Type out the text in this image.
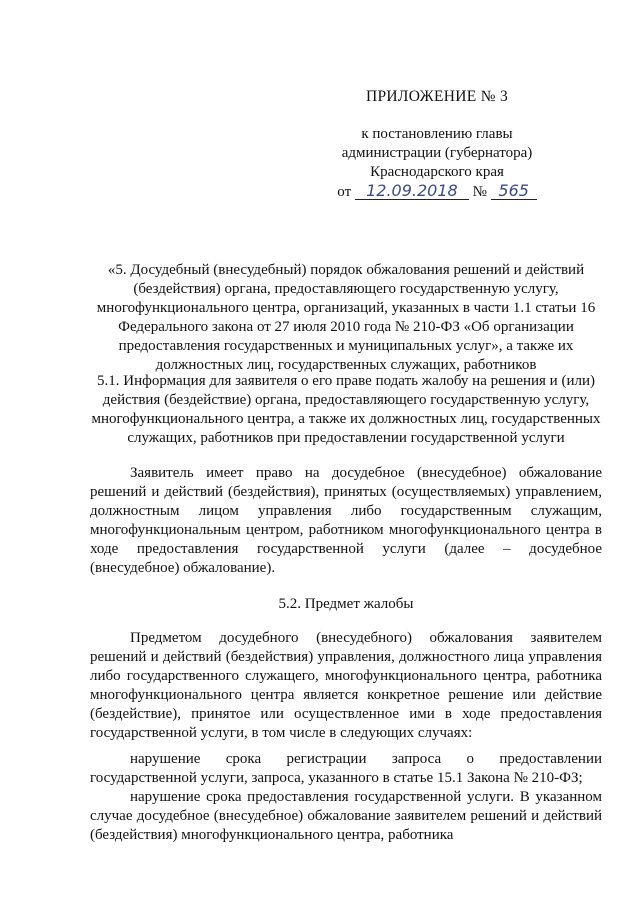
ПРИЛОЖЕНИЕ № 3
к постановлению главы
администрации (губернатора)
Краснодарского края
от 12.09.2018 № 565
«5. Досудебный (внесудебный) порядок обжалования решений и действий (бездействия) органа, предоставляющего государственную услугу, многофункционального центра, организаций, указанных в части 1.1 статьи 16 Федерального закона от 27 июля 2010 года № 210-ФЗ «Об организации предоставления государственных и муниципальных услуг», а также их должностных лиц, государственных служащих, работников
5.1. Информация для заявителя о его праве подать жалобу на решения и (или) действия (бездействие) органа, предоставляющего государственную услугу, многофункционального центра, а также их должностных лиц, государственных служащих, работников при предоставлении государственной услуги
Заявитель имеет право на досудебное (внесудебное) обжалование решений и действий (бездействия), принятых (осуществляемых) управлением, должностным лицом управления либо государственным служащим, многофункциональным центром, работником многофункционального центра в ходе предоставления государственной услуги (далее – досудебное (внесудебное) обжалование).
5.2. Предмет жалобы
Предметом досудебного (внесудебного) обжалования заявителем решений и действий (бездействия) управления, должностного лица управления либо государственного служащего, многофункционального центра, работника многофункционального центра является конкретное решение или действие (бездействие), принятое или осуществленное ими в ходе предоставления государственной услуги, в том числе в следующих случаях:
нарушение срока регистрации запроса о предоставлении государственной услуги, запроса, указанного в статье 15.1 Закона № 210-ФЗ;
нарушение срока предоставления государственной услуги. В указанном случае досудебное (внесудебное) обжалование заявителем решений и действий (бездействия) многофункционального центра, работника
